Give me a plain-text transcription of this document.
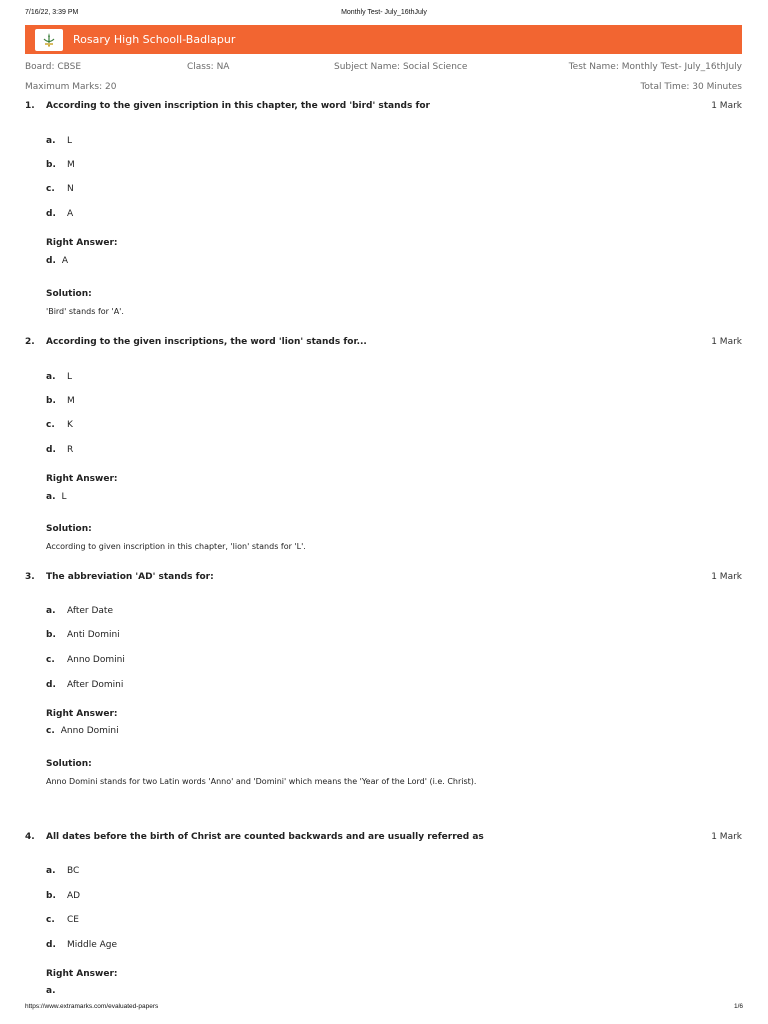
7/16/22, 3:39 PM	Monthly Test- July_16thJuly
Rosary High Schooll-Badlapur
Board: CBSE	Class: NA	Subject Name: Social Science	Test Name: Monthly Test- July_16thJuly
Maximum Marks: 20	Total Time: 30 Minutes
1. According to the given inscription in this chapter, the word 'bird' stands for	1 Mark
a. L
b. M
c. N
d. A
Right Answer:
d. A
Solution:
'Bird' stands for 'A'.
2. According to the given inscriptions, the word 'lion' stands for...	1 Mark
a. L
b. M
c. K
d. R
Right Answer:
a. L
Solution:
According to given inscription in this chapter, 'lion' stands for 'L'.
3. The abbreviation 'AD' stands for:	1 Mark
a. After Date
b. Anti Domini
c. Anno Domini
d. After Domini
Right Answer:
c. Anno Domini
Solution:
Anno Domini stands for two Latin words 'Anno' and 'Domini' which means the 'Year of the Lord' (i.e. Christ).
4. All dates before the birth of Christ are counted backwards and are usually referred as	1 Mark
a. BC
b. AD
c. CE
d. Middle Age
Right Answer:
a.
https://www.extramarks.com/evaluated-papers	1/6
